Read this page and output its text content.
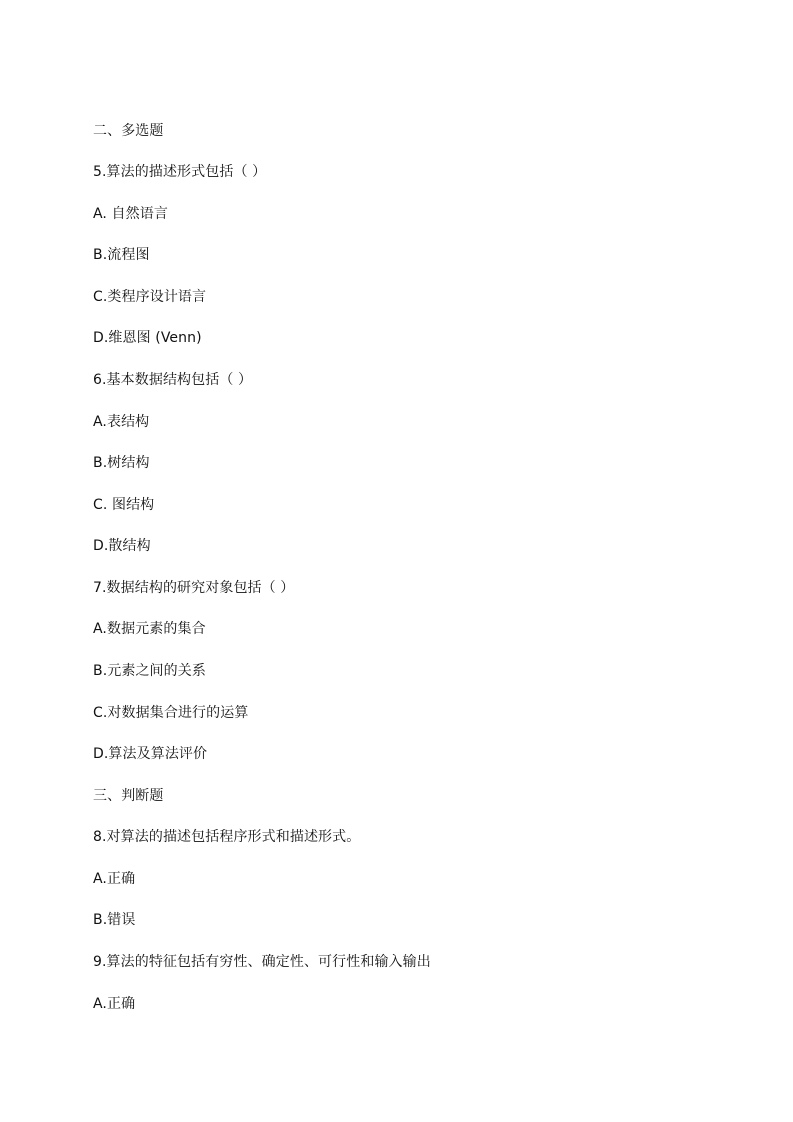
二、多选题
5.算法的描述形式包括（ ）
A. 自然语言
B.流程图
C.类程序设计语言
D.维恩图 (Venn)
6.基本数据结构包括（ ）
A.表结构
B.树结构
C. 图结构
D.散结构
7.数据结构的研究对象包括（ ）
A.数据元素的集合
B.元素之间的关系
C.对数据集合进行的运算
D.算法及算法评价
三、判断题
8.对算法的描述包括程序形式和描述形式。
A.正确
B.错误
9.算法的特征包括有穷性、确定性、可行性和输入输出
A.正确
